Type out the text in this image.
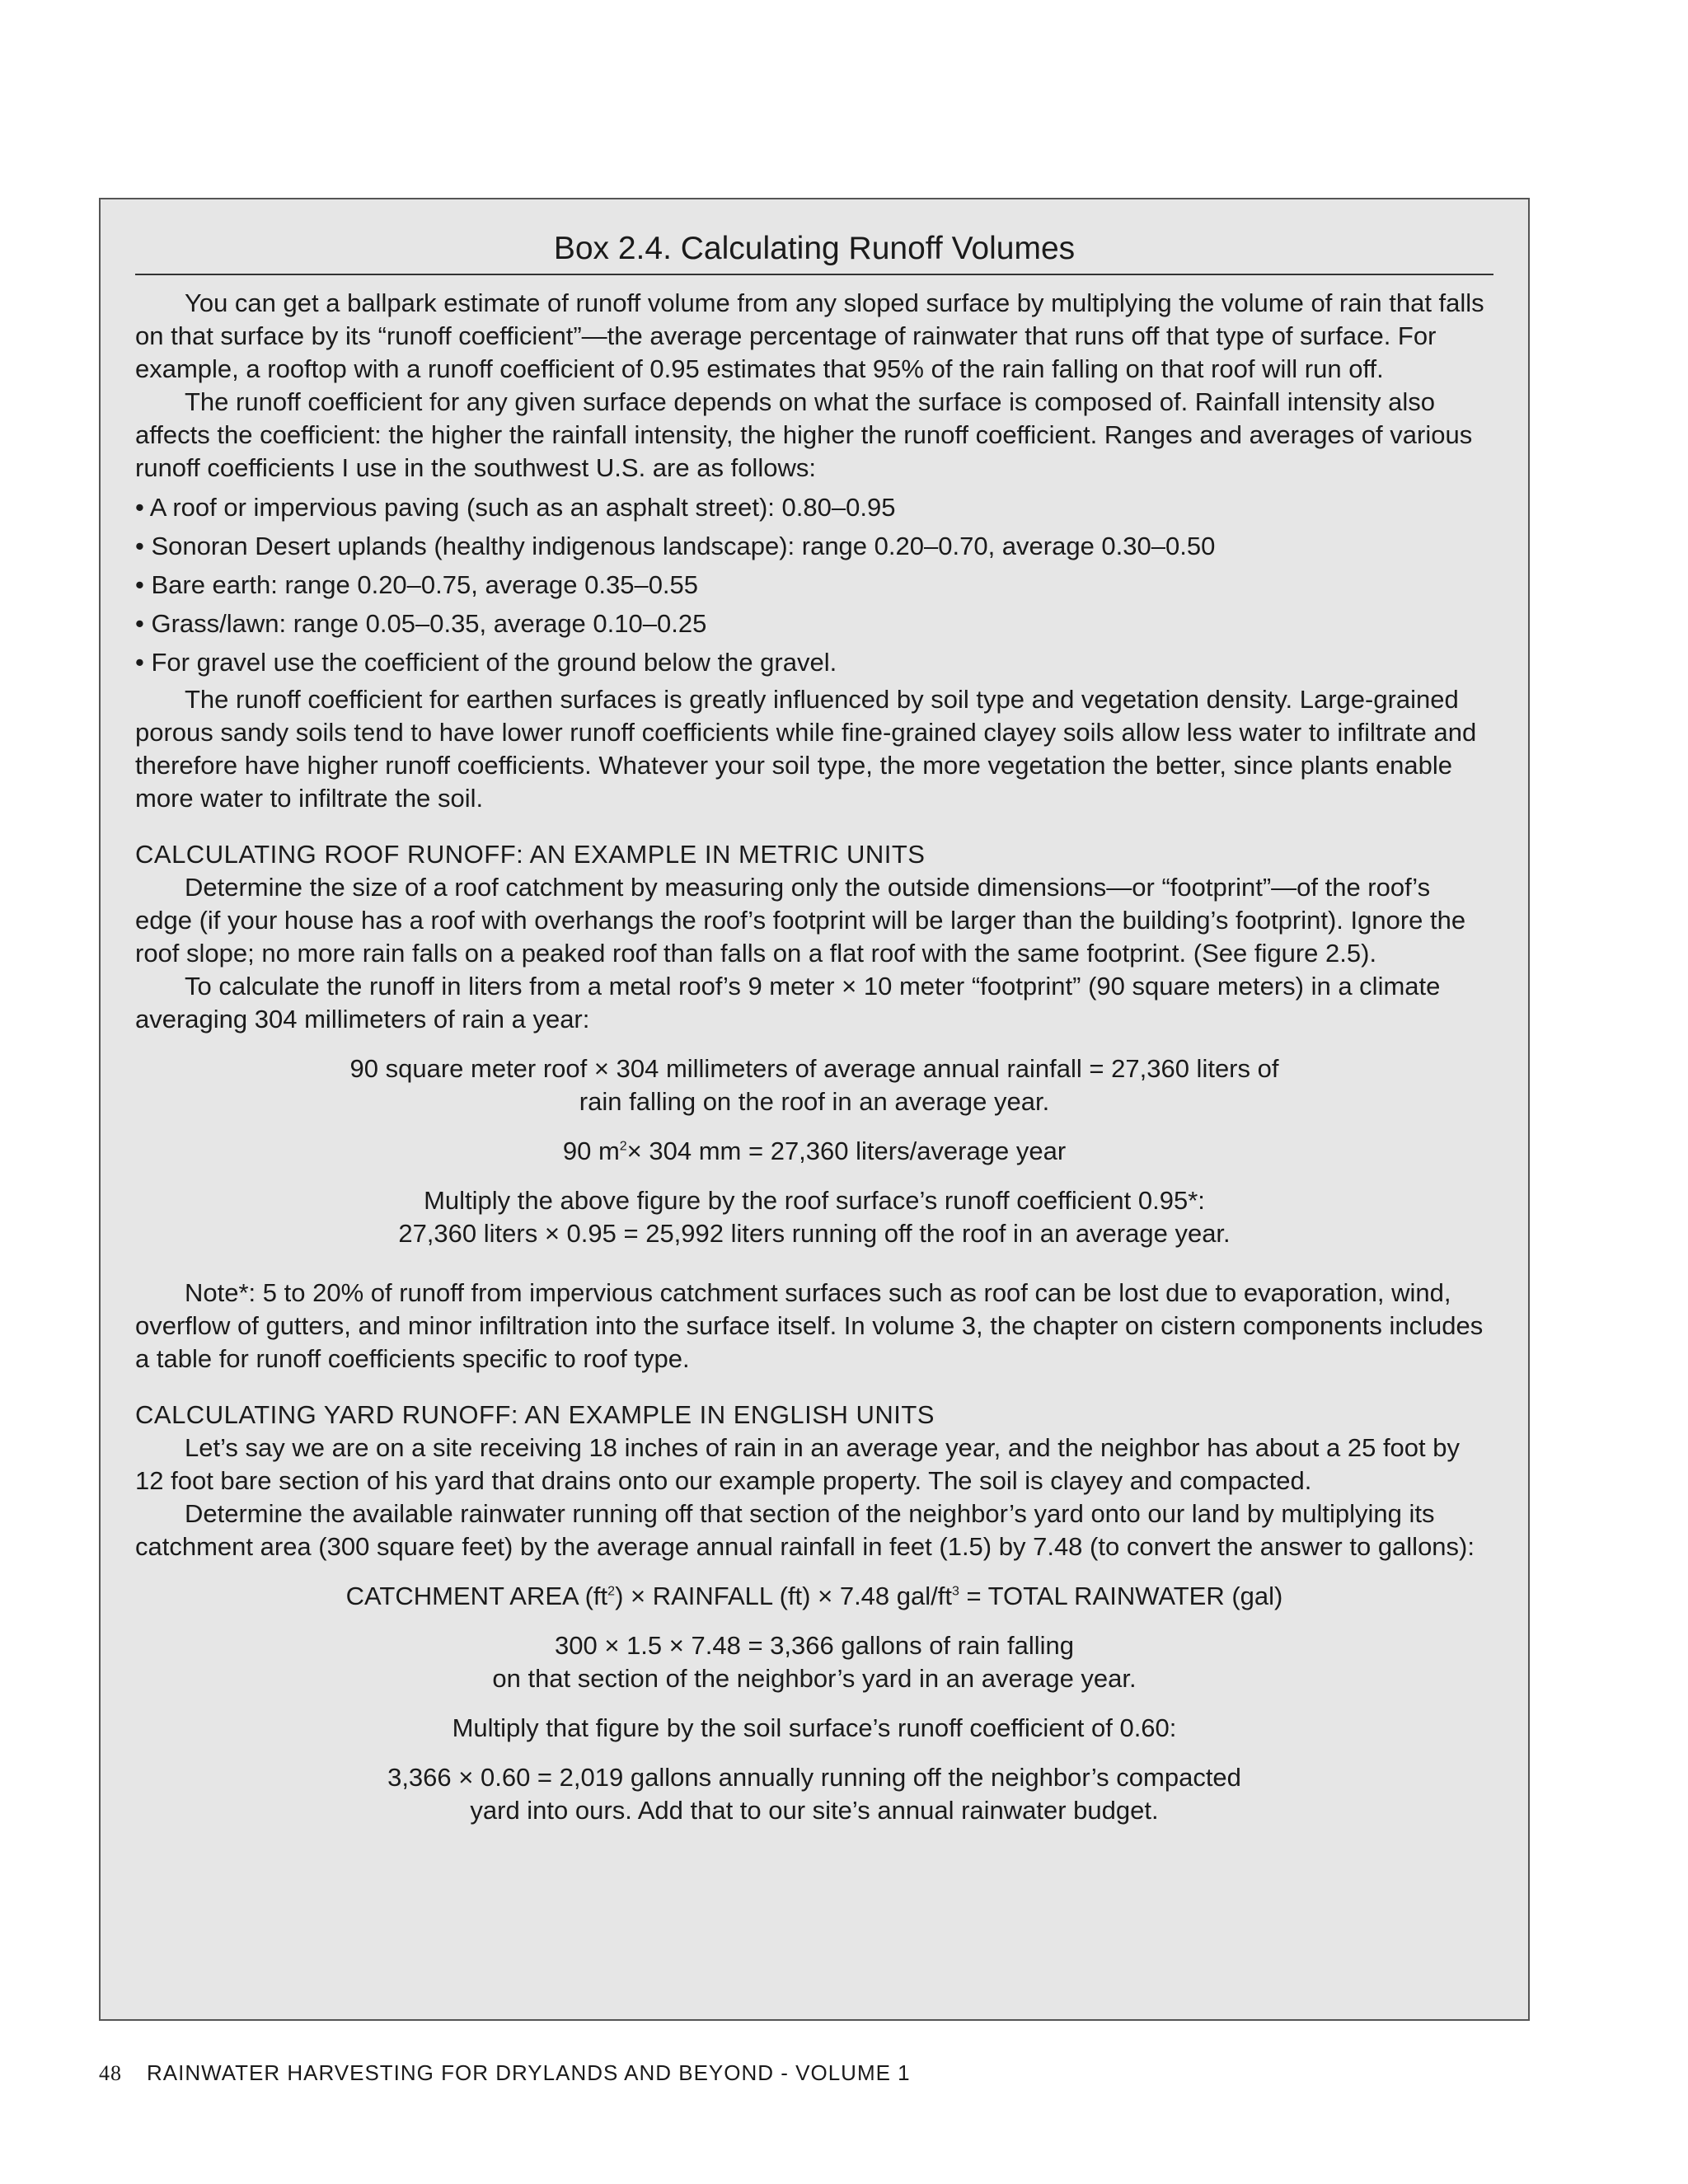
Box 2.4. Calculating Runoff Volumes

You can get a ballpark estimate of runoff volume from any sloped surface by multiplying the volume of rain that falls on that surface by its “runoff coefficient”—the average percentage of rainwater that runs off that type of surface. For example, a rooftop with a runoff coefficient of 0.95 estimates that 95% of the rain falling on that roof will run off.

The runoff coefficient for any given surface depends on what the surface is composed of. Rainfall intensity also affects the coefficient: the higher the rainfall intensity, the higher the runoff coefficient. Ranges and averages of various runoff coefficients I use in the southwest U.S. are as follows:

• A roof or impervious paving (such as an asphalt street): 0.80–0.95
• Sonoran Desert uplands (healthy indigenous landscape): range 0.20–0.70, average 0.30–0.50
• Bare earth: range 0.20–0.75, average 0.35–0.55
• Grass/lawn: range 0.05–0.35, average 0.10–0.25
• For gravel use the coefficient of the ground below the gravel.

The runoff coefficient for earthen surfaces is greatly influenced by soil type and vegetation density. Large-grained porous sandy soils tend to have lower runoff coefficients while fine-grained clayey soils allow less water to infiltrate and therefore have higher runoff coefficients. Whatever your soil type, the more vegetation the better, since plants enable more water to infiltrate the soil.

CALCULATING ROOF RUNOFF: AN EXAMPLE IN METRIC UNITS

Determine the size of a roof catchment by measuring only the outside dimensions—or “footprint”—of the roof’s edge (if your house has a roof with overhangs the roof’s footprint will be larger than the building’s footprint). Ignore the roof slope; no more rain falls on a peaked roof than falls on a flat roof with the same footprint. (See figure 2.5).

To calculate the runoff in liters from a metal roof’s 9 meter × 10 meter “footprint” (90 square meters) in a climate averaging 304 millimeters of rain a year:

90 square meter roof × 304 millimeters of average annual rainfall = 27,360 liters of
rain falling on the roof in an average year.
90 $m^2\times 304$ mm = 27,360 liters/average year
Multiply the above figure by the roof surface’s runoff coefficient 0.95*:
27,360 liters × 0.95 = 25,992 liters running off the roof in an average year.

Note*: 5 to 20% of runoff from impervious catchment surfaces such as roof can be lost due to evaporation, wind, overflow of gutters, and minor infiltration into the surface itself. In volume 3, the chapter on cistern components includes a table for runoff coefficients specific to roof type.

CALCULATING YARD RUNOFF: AN EXAMPLE IN ENGLISH UNITS

Let’s say we are on a site receiving 18 inches of rain in an average year, and the neighbor has about a 25 foot by 12 foot bare section of his yard that drains onto our example property. The soil is clayey and compacted.

Determine the available rainwater running off that section of the neighbor’s yard onto our land by multiplying its catchment area (300 square feet) by the average annual rainfall in feet (1.5) by 7.48 (to convert the answer to gallons):

CATCHMENT AREA $(ft^2)$ × RAINFALL (ft) × 7.48 gal/$ft^3$ = TOTAL RAINWATER (gal)
300 × 1.5 × 7.48 = 3,366 gallons of rain falling
on that section of the neighbor’s yard in an average year.
Multiply that figure by the soil surface’s runoff coefficient of 0.60:
3,366 × 0.60 = 2,019 gallons annually running off the neighbor’s compacted
yard into ours. Add that to our site’s annual rainwater budget.
48 RAINWATER HARVESTING FOR DRYLANDS AND BEYOND - VOLUME 1
